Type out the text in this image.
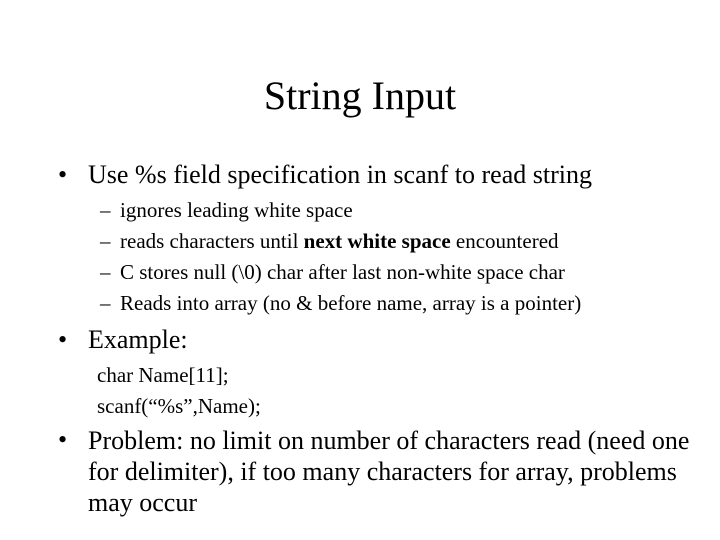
String Input
• Use %s field specification in scanf to read string
– ignores leading white space
– reads characters until next white space encountered
– C stores null (\0) char after last non-white space char
– Reads into array (no & before name, array is a pointer)
• Example:
char Name[11];
scanf(“%s”,Name);
• Problem: no limit on number of characters read (need one for delimiter), if too many characters for array, problems may occur
